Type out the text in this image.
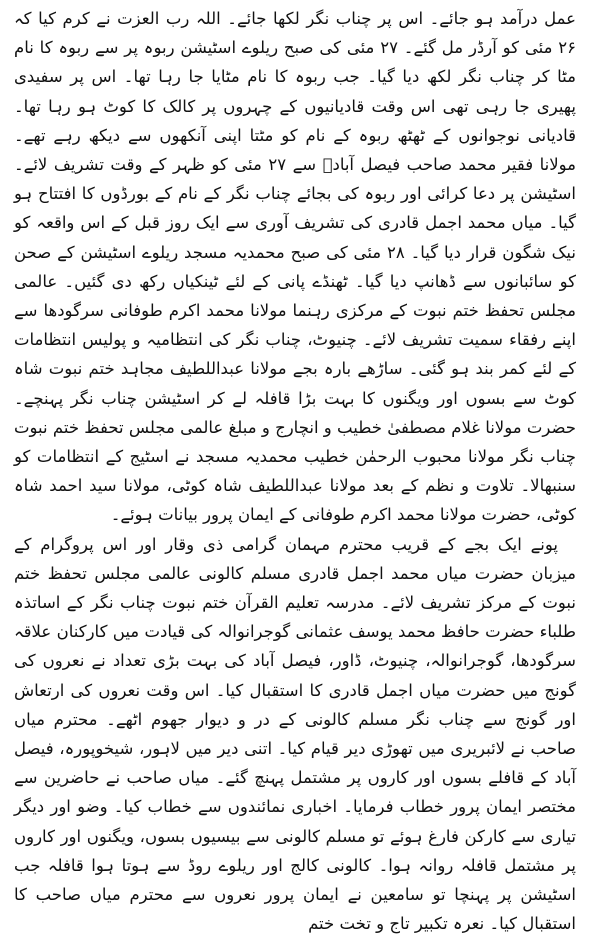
عمل درآمد ہو جائے۔ اس پر چناب نگر لکھا جائے۔ اللہ رب العزت نے کرم کیا کہ ۲۶ مئی کو آرڈر مل گئے۔ ۲۷ مئی کی صبح ریلوے اسٹیشن ربوہ پر سے ربوہ کا نام مٹا کر چناب نگر لکھ دیا گیا۔ جب ربوہ کا نام مٹایا جا رہا تھا۔ اس پر سفیدی پھیری جا رہی تھی اس وقت قادیانیوں کے چہروں پر کالک کا کوٹ ہو رہا تھا۔ قادیانی نوجوانوں کے ٹھٹھ ربوہ کے نام کو مٹتا اپنی آنکھوں سے دیکھ رہے تھے۔ مولانا فقیر محمد صاحب فیصل آبادؒ سے ۲۷ مئی کو ظہر کے وقت تشریف لائے۔ اسٹیشن پر دعا کرائی اور ربوہ کی بجائے چناب نگر کے نام کے بورڈوں کا افتتاح ہو گیا۔ میاں محمد اجمل قادری کی تشریف آوری سے ایک روز قبل کے اس واقعہ کو نیک شگون قرار دیا گیا۔ ۲۸ مئی کی صبح محمدیہ مسجد ریلوے اسٹیشن کے صحن کو سائبانوں سے ڈھانپ دیا گیا۔ ٹھنڈے پانی کے لئے ٹینکیاں رکھ دی گئیں۔ عالمی مجلس تحفظ ختم نبوت کے مرکزی رہنما مولانا محمد اکرم طوفانی سرگودھا سے اپنے رفقاء سمیت تشریف لائے۔ چنیوٹ، چناب نگر کی انتظامیہ و پولیس انتظامات کے لئے کمر بند ہو گئی۔ ساڑھے بارہ بجے مولانا عبداللطیف مجاہد ختم نبوت شاہ کوٹ سے بسوں اور ویگنوں کا بہت بڑا قافلہ لے کر اسٹیشن چناب نگر پہنچے۔ حضرت مولانا غلام مصطفیٰ خطیب و انچارج و مبلغ عالمی مجلس تحفظ ختم نبوت چناب نگر مولانا محبوب الرحمٰن خطیب محمدیہ مسجد نے اسٹیج کے انتظامات کو سنبھالا۔ تلاوت و نظم کے بعد مولانا عبداللطیف شاہ کوٹی، مولانا سید احمد شاہ کوٹی، حضرت مولانا محمد اکرم طوفانی کے ایمان پرور بیانات ہوئے۔

پونے ایک بجے کے قریب محترم مہمان گرامی ذی وقار اور اس پروگرام کے میزبان حضرت میاں محمد اجمل قادری مسلم کالونی عالمی مجلس تحفظ ختم نبوت کے مرکز تشریف لائے۔ مدرسہ تعلیم القرآن ختم نبوت چناب نگر کے اساتذہ طلباء حضرت حافظ محمد یوسف عثمانی گوجرانوالہ کی قیادت میں کارکنان علاقہ سرگودھا، گوجرانوالہ، چنیوٹ، ڈاور، فیصل آباد کی بہت بڑی تعداد نے نعروں کی گونج میں حضرت میاں اجمل قادری کا استقبال کیا۔ اس وقت نعروں کی ارتعاش اور گونج سے چناب نگر مسلم کالونی کے در و دیوار جھوم اٹھے۔ محترم میاں صاحب نے لائبریری میں تھوڑی دیر قیام کیا۔ اتنی دیر میں لاہور، شیخوپورہ، فیصل آباد کے قافلے بسوں اور کاروں پر مشتمل پہنچ گئے۔ میاں صاحب نے حاضرین سے مختصر ایمان پرور خطاب فرمایا۔ اخباری نمائندوں سے خطاب کیا۔ وضو اور دیگر تیاری سے کارکن فارغ ہوئے تو مسلم کالونی سے بیسیوں بسوں، ویگنوں اور کاروں پر مشتمل قافلہ روانہ ہوا۔ کالونی کالج اور ریلوے روڈ سے ہوتا ہوا قافلہ جب اسٹیشن پر پہنچا تو سامعین نے ایمان پرور نعروں سے محترم میاں صاحب کا استقبال کیا۔ نعرہ تکبیر تاج و تخت ختم
